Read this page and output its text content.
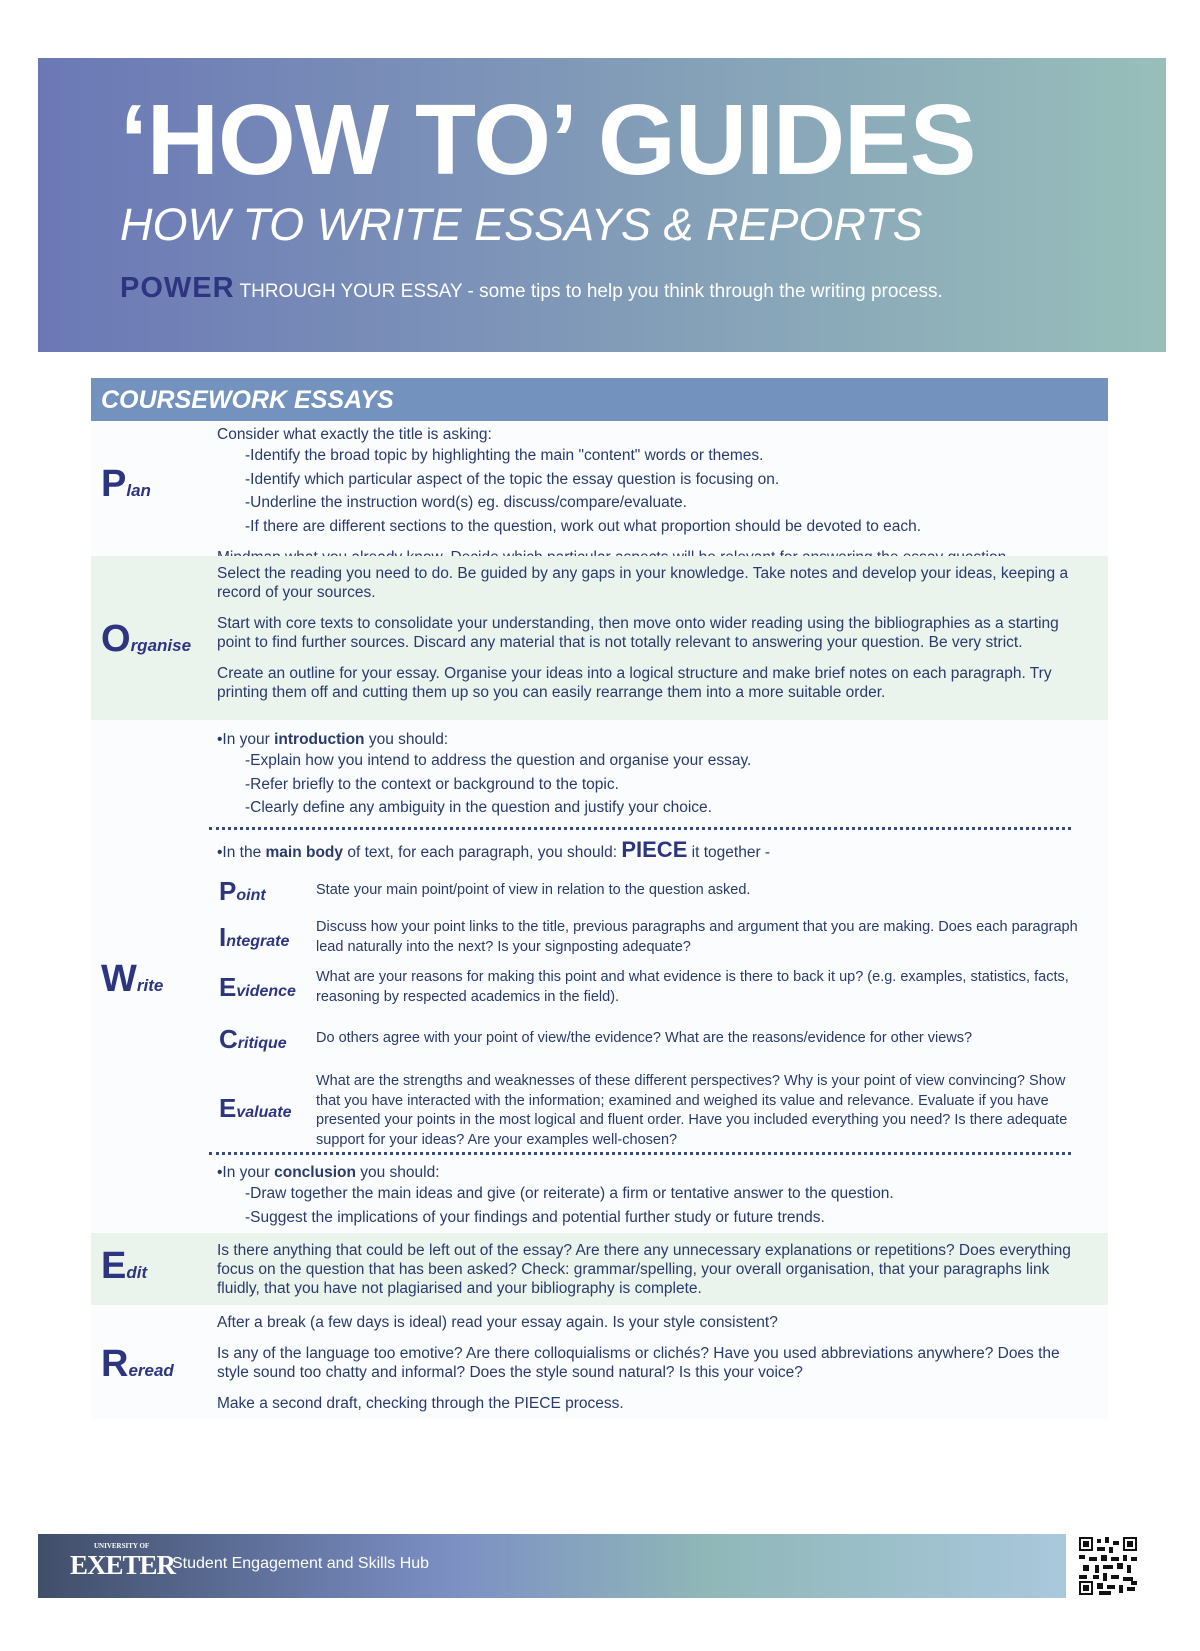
‘HOW TO’ GUIDES
HOW TO WRITE ESSAYS & REPORTS

POWER THROUGH YOUR ESSAY - some tips to help you think through the writing process.

COURSEWORK ESSAYS
Plan

Consider what exactly the title is asking:

-Identify the broad topic by highlighting the main "content" words or themes.

-Identify which particular aspect of the topic the essay question is focusing on.

-Underline the instruction word(s) eg. discuss/compare/evaluate.

-If there are different sections to the question, work out what proportion should be devoted to each.

Organise

Select the reading you need to do. Be guided by any gaps in your knowledge. Take notes and develop your ideas, keeping a record of your sources.

Start with core texts to consolidate your understanding, then move onto wider reading using the bibliographies as a starting point to find further sources. Discard any material that is not totally relevant to answering your question. Be very strict.

Create an outline for your essay. Organise your ideas into a logical structure and make brief notes on each paragraph. Try printing them off and cutting them up so you can easily rearrange them into a more suitable order.

Write

•In your introduction you should:

-Explain how you intend to address the question and organise your essay.

-Refer briefly to the context or background to the topic.

-Clearly define any ambiguity in the question and justify your choice.

•In the main body of text, for each paragraph, you should: PIECE it together -

Point	State your main point/point of view in relation to the question asked.
Integrate
Discuss how your point links to the title, previous paragraphs and argument that you are making. Does each paragraph lead naturally into the next? Is your signposting adequate?
Evidence
What are your reasons for making this point and what evidence is there to back it up? (e.g. examples, statistics, facts, reasoning by respected academics in the field).
Critique Do others agree with your point of view/the evidence? What are the reasons/evidence for other views?
Evaluate
What are the strengths and weaknesses of these different perspectives? Why is your point of view convincing? Show that you have interacted with the information; examined and weighed its value and relevance. Evaluate if you have presented your points in the most logical and fluent order. Have you included everything you need? Is there adequate support for your ideas? Are your examples well-chosen?

•In your conclusion you should:

-Draw together the main ideas and give (or reiterate) a firm or tentative answer to the question.

-Suggest the implications of your findings and potential further study or future trends.

Edit

Is there anything that could be left out of the essay? Are there any unnecessary explanations or repetitions? Does everything focus on the question that has been asked? Check: grammar/spelling, your overall organisation, that your paragraphs link fluidly, that you have not plagiarised and your bibliography is complete.

Reread

After a break (a few days is ideal) read your essay again. Is your style consistent?

Is any of the language too emotive? Are there colloquialisms or clichés? Have you used abbreviations anywhere? Does the style sound too chatty and informal? Does the style sound natural? Is this your voice?

Make a second draft, checking through the PIECE process.

UNIVERSITY OF
EXETER
Student Engagement and Skills Hub
